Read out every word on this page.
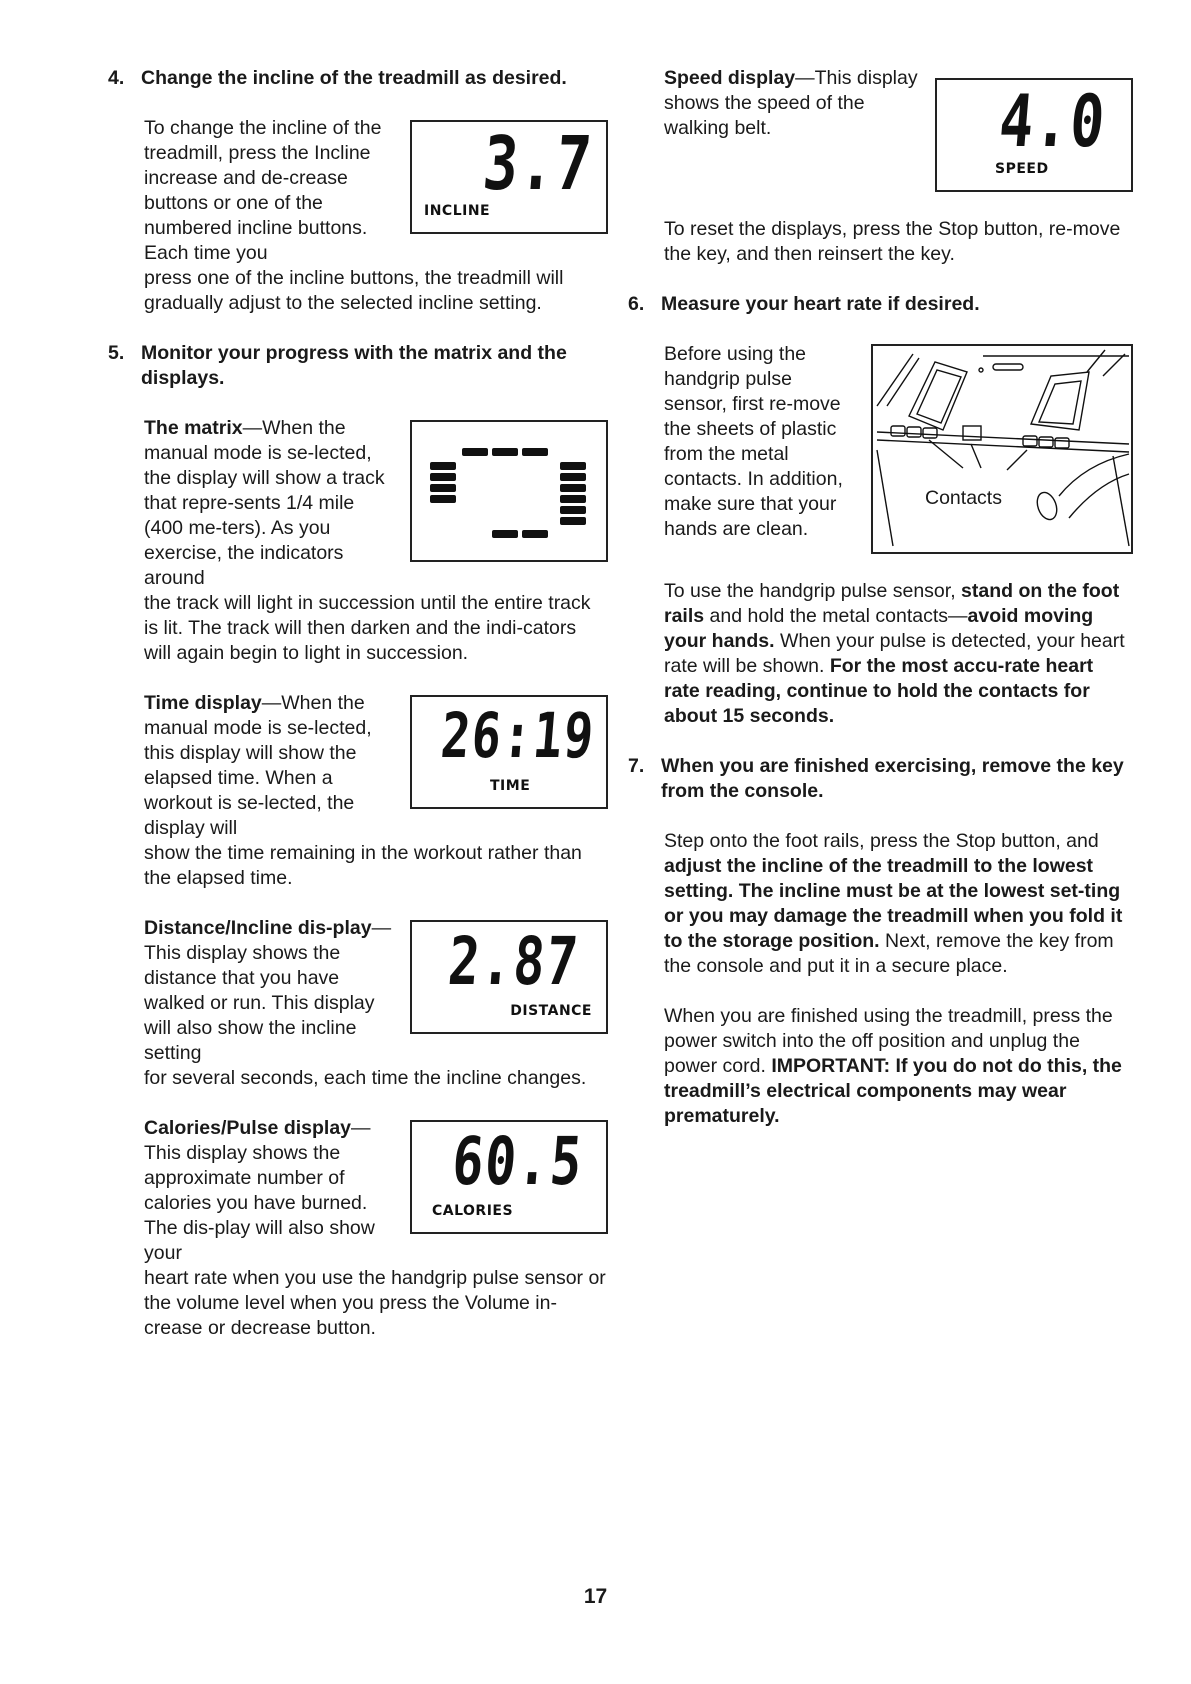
4. Change the incline of the treadmill as desired.
3.7
INCLINE

To change the incline of the treadmill, press the Incline increase and de-crease buttons or one of the numbered incline buttons. Each time you

press one of the incline buttons, the treadmill will gradually adjust to the selected incline setting.

5. Monitor your progress with the matrix and the displays.

The matrix—When the manual mode is se-lected, the display will show a track that repre-sents 1/4 mile (400 me-ters). As you exercise, the indicators around

the track will light in succession until the entire track is lit. The track will then darken and the indi-cators will again begin to light in succession.

26:19
TIME

Time display—When the manual mode is se-lected, this display will show the elapsed time. When a workout is se-lected, the display will

show the time remaining in the workout rather than the elapsed time.

2.87
DISTANCE

Distance/Incline dis-play—This display shows the distance that you have walked or run. This display will also show the incline setting

for several seconds, each time the incline changes.

60.5
CALORIES

Calories/Pulse display—This display shows the approximate number of calories you have burned. The dis-play will also show your

heart rate when you use the handgrip pulse sensor or the volume level when you press the Volume in-crease or decrease button.

4.0
SPEED

Speed display—This display shows the speed of the walking belt.

To reset the displays, press the Stop button, re-move the key, and then reinsert the key.

6. Measure your heart rate if desired.
Contacts

Before using the handgrip pulse sensor, first re-move the sheets of plastic from the metal contacts. In addition, make sure that your hands are clean.

To use the handgrip pulse sensor, stand on the foot rails and hold the metal contacts—avoid moving your hands. When your pulse is detected, your heart rate will be shown. For the most accu-rate heart rate reading, continue to hold the contacts for about 15 seconds.

7. When you are finished exercising, remove the key from the console.

Step onto the foot rails, press the Stop button, and adjust the incline of the treadmill to the lowest setting. The incline must be at the lowest set-ting or you may damage the treadmill when you fold it to the storage position. Next, remove the key from the console and put it in a secure place.

When you are finished using the treadmill, press the power switch into the off position and unplug the power cord. IMPORTANT: If you do not do this, the treadmill’s electrical components may wear prematurely.

17
